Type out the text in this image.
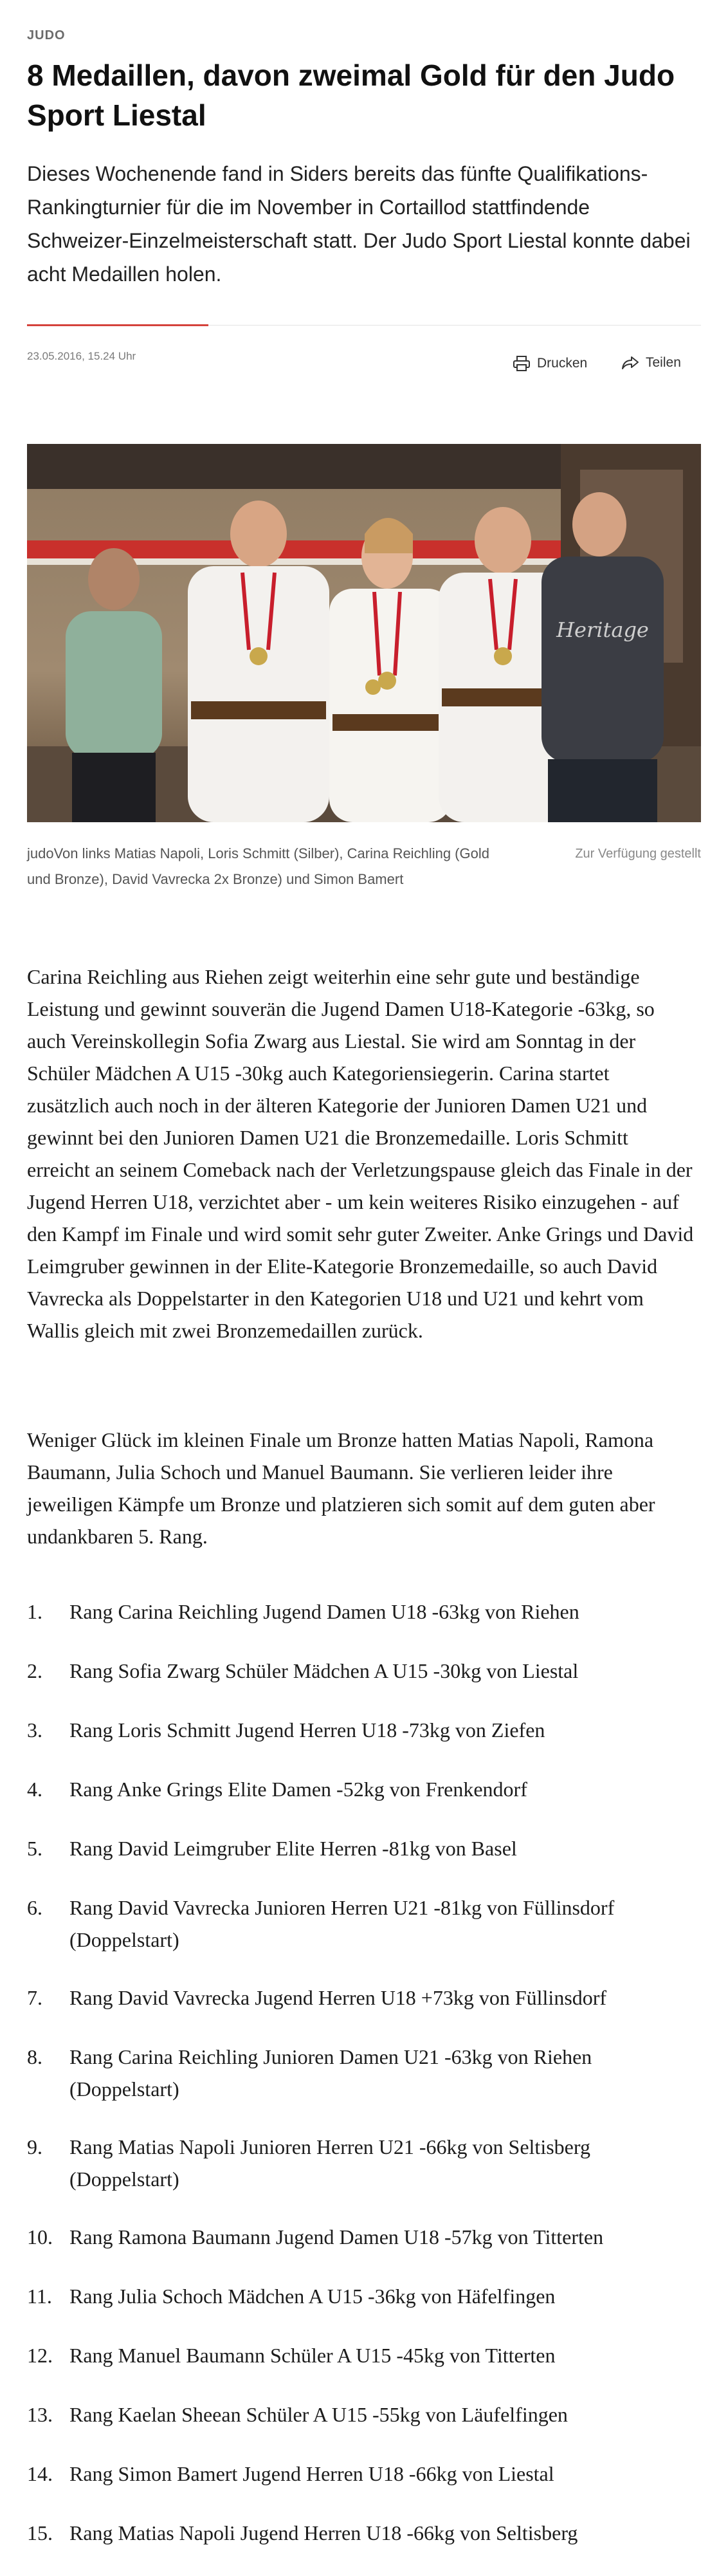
JUDO
8 Medaillen, davon zweimal Gold für den Judo Sport Liestal

Dieses Wochenende fand in Siders bereits das fünfte Qualifikations-Rankingturnier für die im November in Cortaillod stattfindende Schweizer-Einzelmeisterschaft statt. Der Judo Sport Liestal konnte dabei acht Medaillen holen.

23.05.2016, 15.24 Uhr	Drucken	Teilen
Heritage

judoVon links Matias Napoli, Loris Schmitt (Silber), Carina Reichling (Gold und Bronze), David Vavrecka 2x Bronze) und Simon Bamert

Zur Verfügung gestellt

Carina Reichling aus Riehen zeigt weiterhin eine sehr gute und beständige Leistung und gewinnt souverän die Jugend Damen U18-Kategorie -63kg, so auch Vereinskollegin Sofia Zwarg aus Liestal. Sie wird am Sonntag in der Schüler Mädchen A U15 -30kg auch Kategoriensiegerin. Carina startet zusätzlich auch noch in der älteren Kategorie der Junioren Damen U21 und gewinnt bei den Junioren Damen U21 die Bronzemedaille. Loris Schmitt erreicht an seinem Comeback nach der Verletzungspause gleich das Finale in der Jugend Herren U18, verzichtet aber - um kein weiteres Risiko einzugehen - auf den Kampf im Finale und wird somit sehr guter Zweiter. Anke Grings und David Leimgruber gewinnen in der Elite-Kategorie Bronzemedaille, so auch David Vavrecka als Doppelstarter in den Kategorien U18 und U21 und kehrt vom Wallis gleich mit zwei Bronzemedaillen zurück.

Weniger Glück im kleinen Finale um Bronze hatten Matias Napoli, Ramona Baumann, Julia Schoch und Manuel Baumann. Sie verlieren leider ihre jeweiligen Kämpfe um Bronze und platzieren sich somit auf dem guten aber undankbaren 5. Rang.

1. Rang Carina Reichling Jugend Damen U18 -63kg von Riehen
2. Rang Sofia Zwarg Schüler Mädchen A U15 -30kg von Liestal
3. Rang Loris Schmitt Jugend Herren U18 -73kg von Ziefen
4. Rang Anke Grings Elite Damen -52kg von Frenkendorf
5. Rang David Leimgruber Elite Herren -81kg von Basel
6. Rang David Vavrecka Junioren Herren U21 -81kg von Füllinsdorf (Doppelstart)
7. Rang David Vavrecka Jugend Herren U18 +73kg von Füllinsdorf
8. Rang Carina Reichling Junioren Damen U21 -63kg von Riehen (Doppelstart)
9. Rang Matias Napoli Junioren Herren U21 -66kg von Seltisberg (Doppelstart)
10. Rang Ramona Baumann Jugend Damen U18 -57kg von Titterten
11. Rang Julia Schoch Mädchen A U15 -36kg von Häfelfingen
12. Rang Manuel Baumann Schüler A U15 -45kg von Titterten
13. Rang Kaelan Sheean Schüler A U15 -55kg von Läufelfingen
14. Rang Simon Bamert Jugend Herren U18 -66kg von Liestal
15. Rang Matias Napoli Jugend Herren U18 -66kg von Seltisberg
